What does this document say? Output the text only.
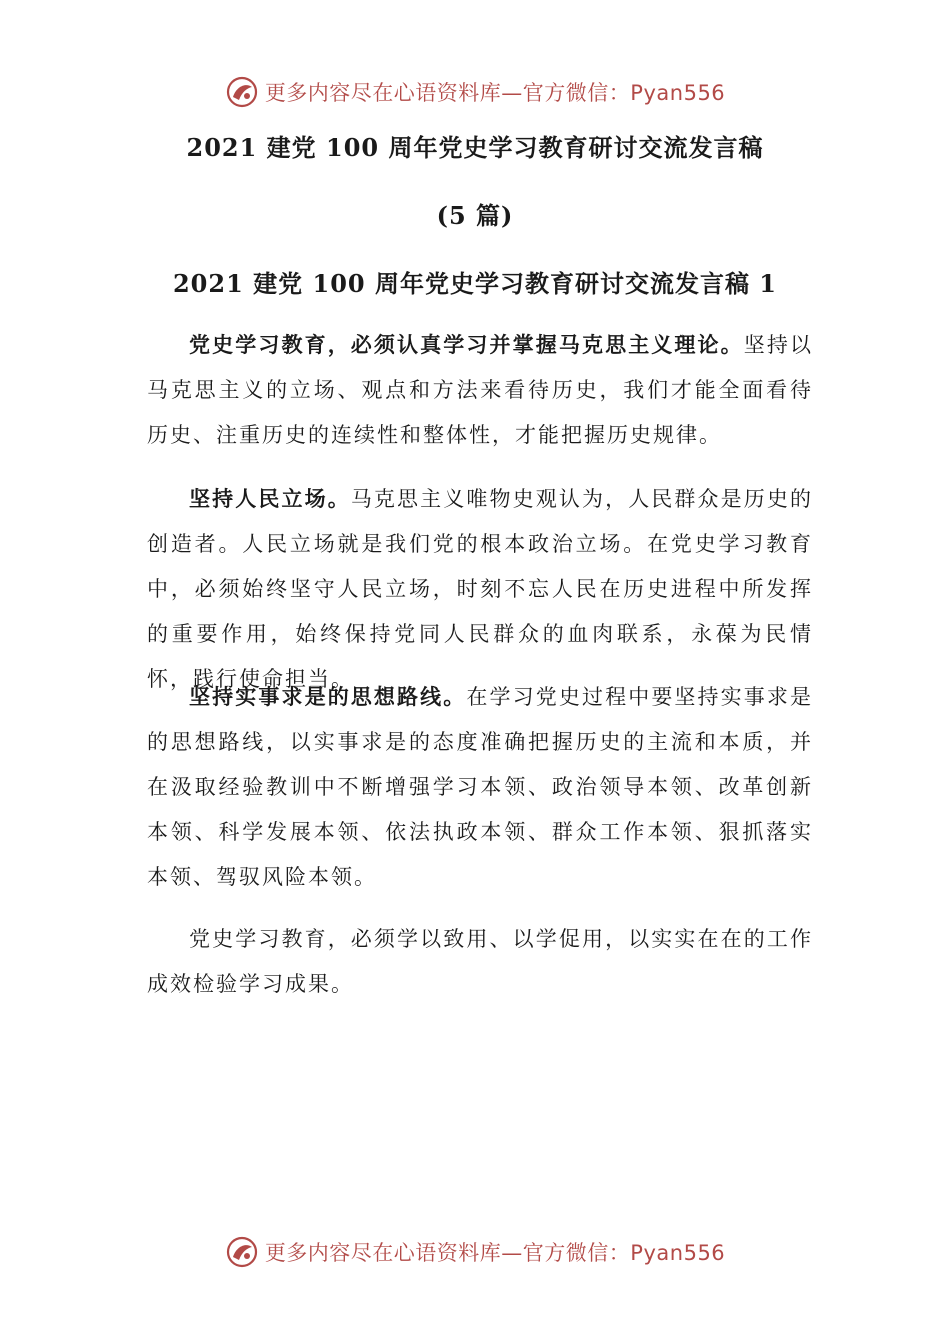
更多内容尽在心语资料库—官方微信：Pyan556
2021 建党 100 周年党史学习教育研讨交流发言稿
(5 篇)
2021 建党 100 周年党史学习教育研讨交流发言稿 1
党史学习教育，必须认真学习并掌握马克思主义理论。坚持以马克思主义的立场、观点和方法来看待历史，我们才能全面看待历史、注重历史的连续性和整体性，才能把握历史规律。
坚持人民立场。马克思主义唯物史观认为，人民群众是历史的创造者。人民立场就是我们党的根本政治立场。在党史学习教育中，必须始终坚守人民立场，时刻不忘人民在历史进程中所发挥的重要作用，始终保持党同人民群众的血肉联系，永葆为民情怀，践行使命担当。
坚持实事求是的思想路线。在学习党史过程中要坚持实事求是的思想路线，以实事求是的态度准确把握历史的主流和本质，并在汲取经验教训中不断增强学习本领、政治领导本领、改革创新本领、科学发展本领、依法执政本领、群众工作本领、狠抓落实本领、驾驭风险本领。
党史学习教育，必须学以致用、以学促用，以实实在在的工作成效检验学习成果。
更多内容尽在心语资料库—官方微信：Pyan556
